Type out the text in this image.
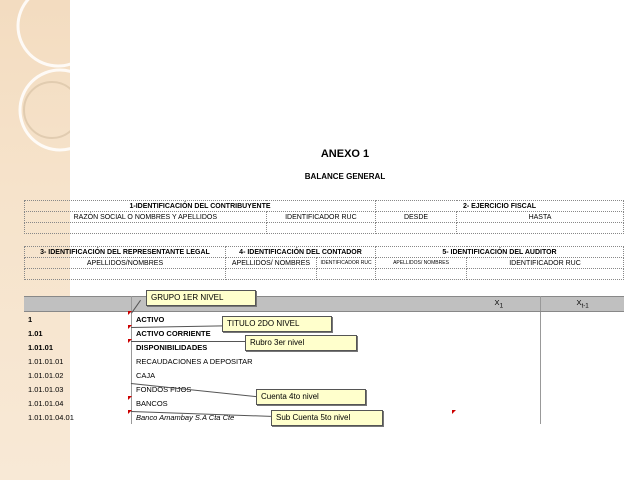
ANEXO 1
BALANCE GENERAL
1-IDENTIFICACIÓN DEL CONTRIBUYENTE		2- EJERCICIO FISCAL	
RAZÓN SOCIAL O NOMBRES Y APELLIDOS	IDENTIFICADOR RUC	DESDE	HASTA

3- IDENTIFICACIÓN DEL REPRESENTANTE LEGAL	4- IDENTIFICACIÓN DEL CONTADOR		5- IDENTIFICACIÓN DEL AUDITOR	
APELLIDOS/NOMBRES	APELLIDOS/ NOMBRES	IDENTIFICADOR RUC	APELLIDOS/ NOMBRES	IDENTIFICADOR RUC

		$X_1$	$X_{t-1}$
1	ACTIVO		
1.01	ACTIVO CORRIENTE		
1.01.01	DISPONIBILIDADES		
1.01.01.01	RECAUDACIONES A DEPOSITAR		
1.01.01.02	CAJA		
1.01.01.03	FONDOS FIJOS		
1.01.01.04	BANCOS		
1.01.01.04.01	Banco Amambay S.A Cta Cte		
GRUPO 1ER NIVEL
TITULO 2DO NIVEL
Rubro 3er nivel
Cuenta 4to nivel
Sub Cuenta 5to nivel
